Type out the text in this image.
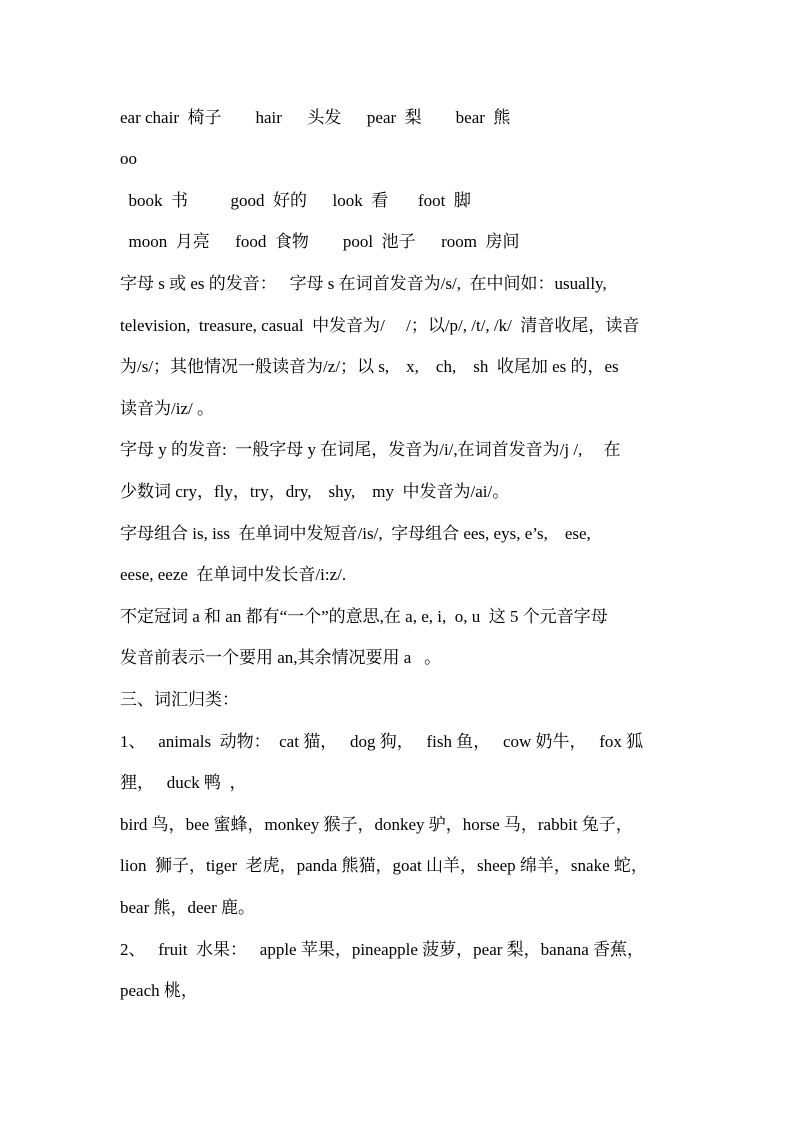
ear chair  椅子        hair      头发      pear  梨        bear  熊
oo
book  书          good  好的      look  看       foot  脚
moon  月亮      food  食物        pool  池子      room  房间
字母 s 或 es 的发音：   字母 s 在词首发音为/s/,  在中间如：usually,
television,  treasure, casual  中发音为/     /；以/p/, /t/, /k/  清音收尾，读音
为/s/；其他情况一般读音为/z/；以 s,    x,    ch,    sh  收尾加 es 的，es
读音为/iz/ 。
字母 y 的发音:  一般字母 y 在词尾，发音为/i/,在词首发音为/j /,     在
少数词 cry，fly，try，dry,    shy,    my  中发音为/ai/。
字母组合 is, iss  在单词中发短音/is/,  字母组合 ees, eys, e’s,    ese,
eese, eeze  在单词中发长音/i:z/.
不定冠词 a 和 an 都有“一个”的意思,在 a, e, i,  o, u  这 5 个元音字母
发音前表示一个要用 an,其余情况要用 a   。
三、词汇归类：
1、   animals  动物：  cat 猫，   dog 狗，   fish 鱼，   cow 奶牛，   fox 狐
狸，   duck 鸭  ，
bird 鸟，bee 蜜蜂，monkey 猴子，donkey 驴，horse 马，rabbit 兔子，
lion  狮子，tiger  老虎，panda 熊猫，goat 山羊，sheep 绵羊，snake 蛇，
bear 熊，deer 鹿。
2、   fruit  水果：   apple 苹果，pineapple 菠萝，pear 梨，banana 香蕉，
peach 桃，
